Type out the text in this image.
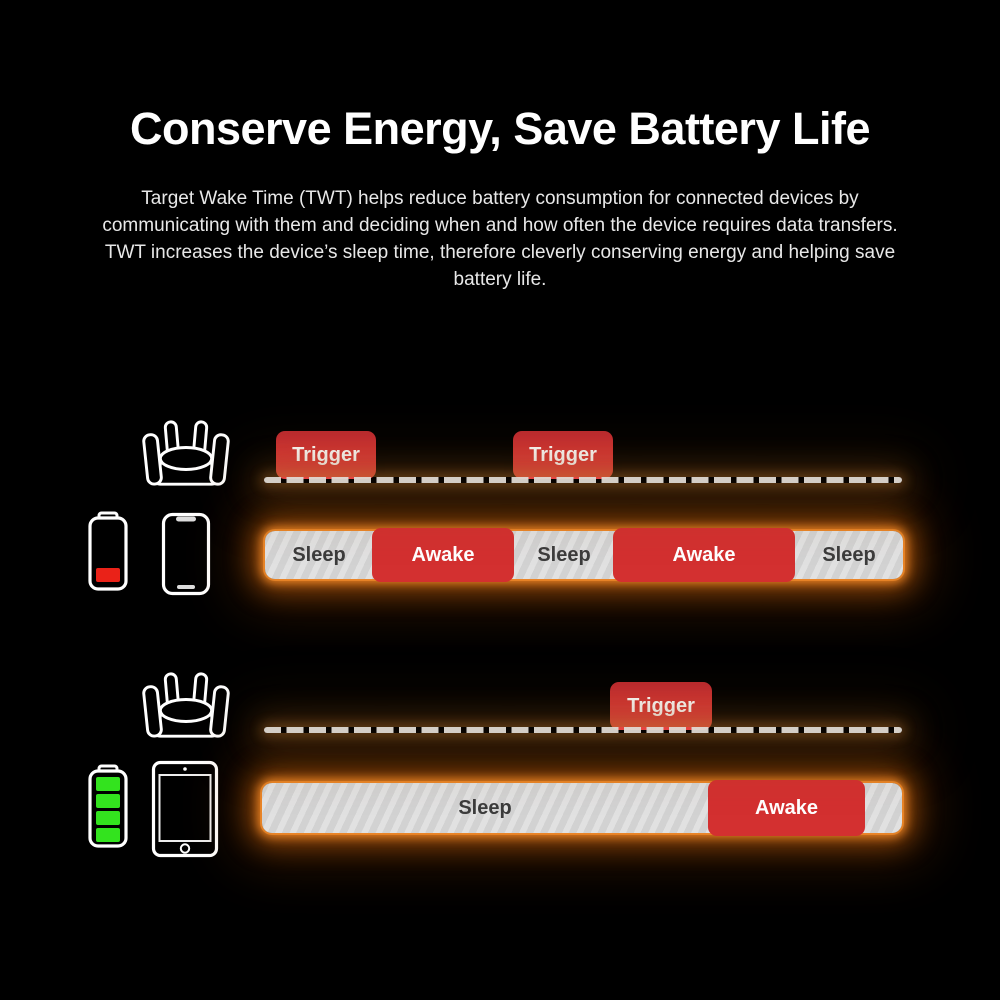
Conserve Energy, Save Battery Life

Target Wake Time (TWT) helps reduce battery consumption for connected devices by communicating with them and deciding when and how often the device requires data transfers. TWT increases the device’s sleep time, therefore cleverly conserving energy and helping save battery life.

Trigger	Trigger
Sleep	Awake	Sleep	Awake	Sleep
Trigger
Sleep	Awake
